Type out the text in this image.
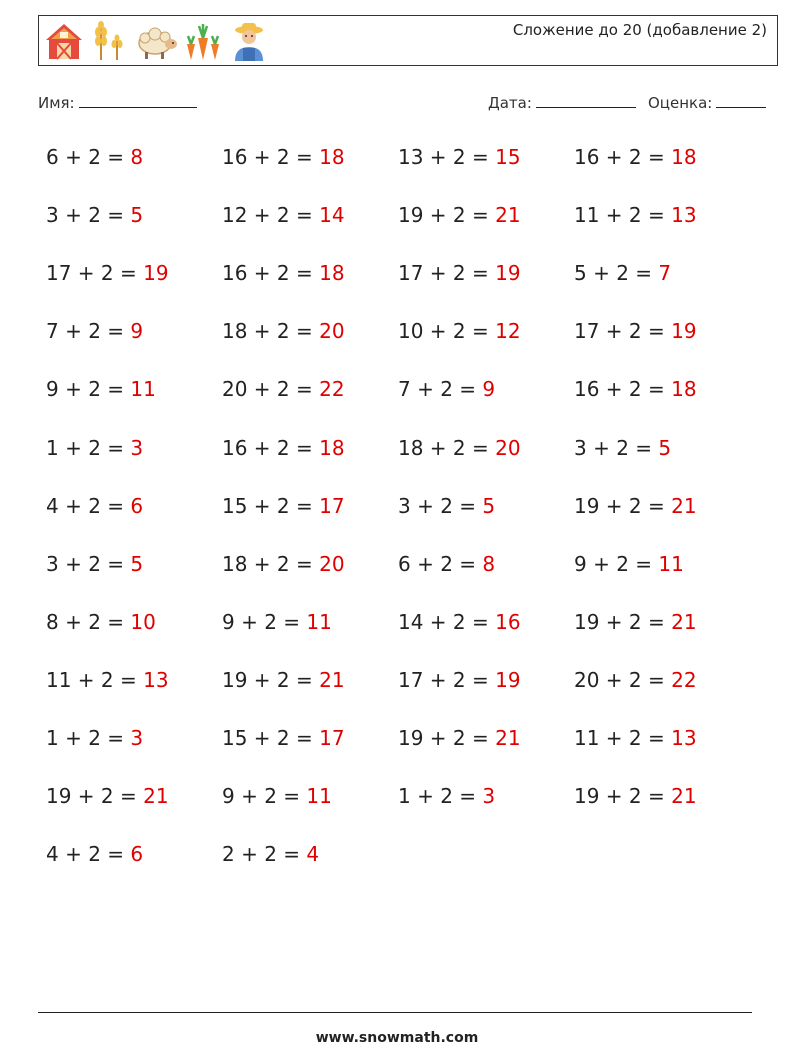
Сложение до 20 (добавление 2)
Имя:	Дата:	Оценка:
6 + 2 = 8	16 + 2 = 18	13 + 2 = 15	16 + 2 = 18
3 + 2 = 5	12 + 2 = 14	19 + 2 = 21	11 + 2 = 13
17 + 2 = 19	16 + 2 = 18	17 + 2 = 19	5 + 2 = 7
7 + 2 = 9	18 + 2 = 20	10 + 2 = 12	17 + 2 = 19
9 + 2 = 11	20 + 2 = 22	7 + 2 = 9	16 + 2 = 18
1 + 2 = 3	16 + 2 = 18	18 + 2 = 20	3 + 2 = 5
4 + 2 = 6	15 + 2 = 17	3 + 2 = 5	19 + 2 = 21
3 + 2 = 5	18 + 2 = 20	6 + 2 = 8	9 + 2 = 11
8 + 2 = 10	9 + 2 = 11	14 + 2 = 16	19 + 2 = 21
11 + 2 = 13	19 + 2 = 21	17 + 2 = 19	20 + 2 = 22
1 + 2 = 3	15 + 2 = 17	19 + 2 = 21	11 + 2 = 13
19 + 2 = 21	9 + 2 = 11	1 + 2 = 3	19 + 2 = 21
4 + 2 = 6	2 + 2 = 4
www.snowmath.com
